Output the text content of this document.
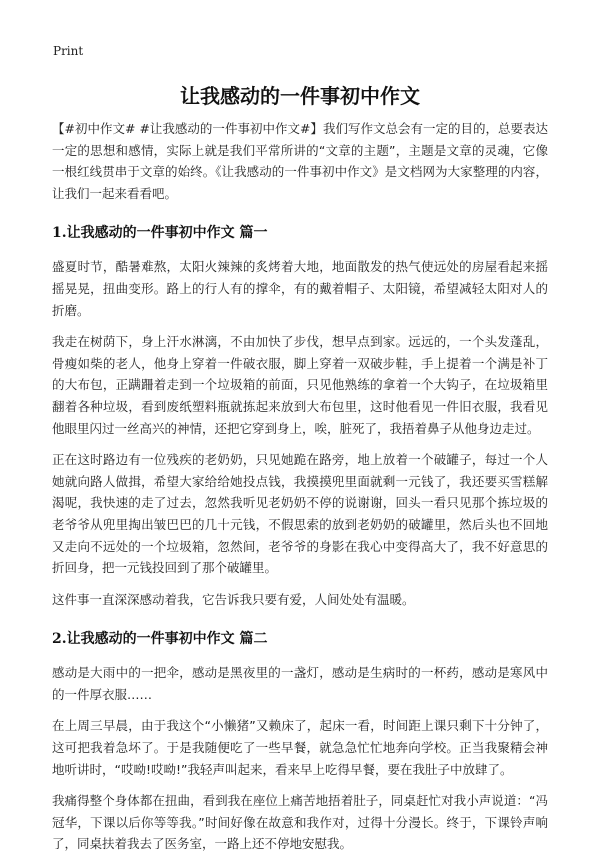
Print
让我感动的一件事初中作文

【#初中作文# #让我感动的一件事初中作文#】我们写作文总会有一定的目的，总要表达一定的思想和感情，实际上就是我们平常所讲的“文章的主题”，主题是文章的灵魂，它像一根红线贯串于文章的始终。《让我感动的一件事初中作文》是文档网为大家整理的内容，让我们一起来看看吧。

1.让我感动的一件事初中作文 篇一

盛夏时节，酷暑难熬，太阳火辣辣的炙烤着大地，地面散发的热气使远处的房屋看起来摇摇晃晃，扭曲变形。路上的行人有的撑伞，有的戴着帽子、太阳镜，希望减轻太阳对人的折磨。

我走在树荫下，身上汗水淋漓，不由加快了步伐，想早点到家。远远的，一个头发蓬乱，骨瘦如柴的老人，他身上穿着一件破衣服，脚上穿着一双破步鞋，手上提着一个满是补丁的大布包，正蹒跚着走到一个垃圾箱的前面，只见他熟练的拿着一个大钩子，在垃圾箱里翻着各种垃圾，看到废纸塑料瓶就拣起来放到大布包里，这时他看见一件旧衣服，我看见他眼里闪过一丝高兴的神情，还把它穿到身上，唉，脏死了，我捂着鼻子从他身边走过。

正在这时路边有一位残疾的老奶奶，只见她跪在路旁，地上放着一个破罐子，每过一个人她就向路人做揖，希望大家给给她投点钱，我摸摸兜里面就剩一元钱了，我还要买雪糕解渴呢，我快速的走了过去，忽然我听见老奶奶不停的说谢谢，回头一看只见那个拣垃圾的老爷爷从兜里掏出皱巴巴的几十元钱，不假思索的放到老奶奶的破罐里，然后头也不回地又走向不远处的一个垃圾箱，忽然间，老爷爷的身影在我心中变得高大了，我不好意思的折回身，把一元钱投回到了那个破罐里。

这件事一直深深感动着我，它告诉我只要有爱，人间处处有温暖。

2.让我感动的一件事初中作文 篇二

感动是大雨中的一把伞，感动是黑夜里的一盏灯，感动是生病时的一杯药，感动是寒风中的一件厚衣服……

在上周三早晨，由于我这个“小懒猪”又赖床了，起床一看，时间距上课只剩下十分钟了，这可把我着急坏了。于是我随便吃了一些早餐，就急急忙忙地奔向学校。正当我聚精会神地听讲时，“哎呦!哎呦!”我轻声叫起来，看来早上吃得早餐，要在我肚子中放肆了。

我痛得整个身体都在扭曲，看到我在座位上痛苦地捂着肚子，同桌赶忙对我小声说道：“冯冠华，下课以后你等等我。”时间好像在故意和我作对，过得十分漫长。终于，下课铃声响了，同桌扶着我去了医务室，一路上还不停地安慰我。
